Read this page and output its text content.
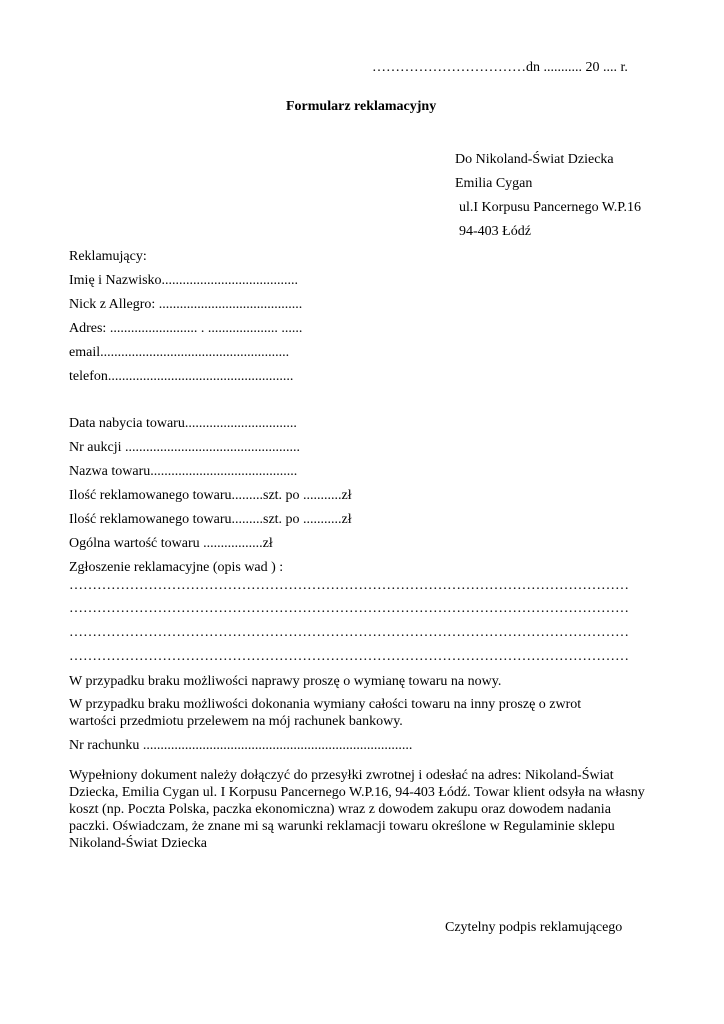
……………………………dn ........... 20 .... r.
Formularz reklamacyjny
Do Nikoland-Świat Dziecka
Emilia Cygan
ul.I Korpusu Pancernego W.P.16
94-403 Łódź
Reklamujący:
Imię i Nazwisko.......................................
Nick z Allegro: .........................................
Adres: ......................... . .................... ......
email......................................................
telefon.....................................................
Data nabycia towaru................................
Nr aukcji ..................................................
Nazwa towaru..........................................
Ilość reklamowanego towaru.........szt. po ...........zł
Ilość reklamowanego towaru.........szt. po ...........zł
Ogólna wartość towaru .................zł
Zgłoszenie reklamacyjne (opis wad ) :
…………………………………………………………………………………………………………
…………………………………………………………………………………………………………
…………………………………………………………………………………………………………
…………………………………………………………………………………………………………
W przypadku braku możliwości naprawy proszę o wymianę towaru na nowy.
W przypadku braku możliwości dokonania wymiany całości towaru na inny proszę o zwrot wartości przedmiotu przelewem na mój rachunek bankowy.
Nr rachunku .............................................................................
Wypełniony dokument należy dołączyć do przesyłki zwrotnej i odesłać na adres: Nikoland-Świat Dziecka, Emilia Cygan ul. I Korpusu Pancernego W.P.16, 94-403 Łódź. Towar klient odsyła na własny koszt (np. Poczta Polska, paczka ekonomiczna) wraz z dowodem zakupu oraz dowodem nadania paczki. Oświadczam, że znane mi są warunki reklamacji towaru określone w Regulaminie sklepu Nikoland-Świat Dziecka
Czytelny podpis reklamującego
